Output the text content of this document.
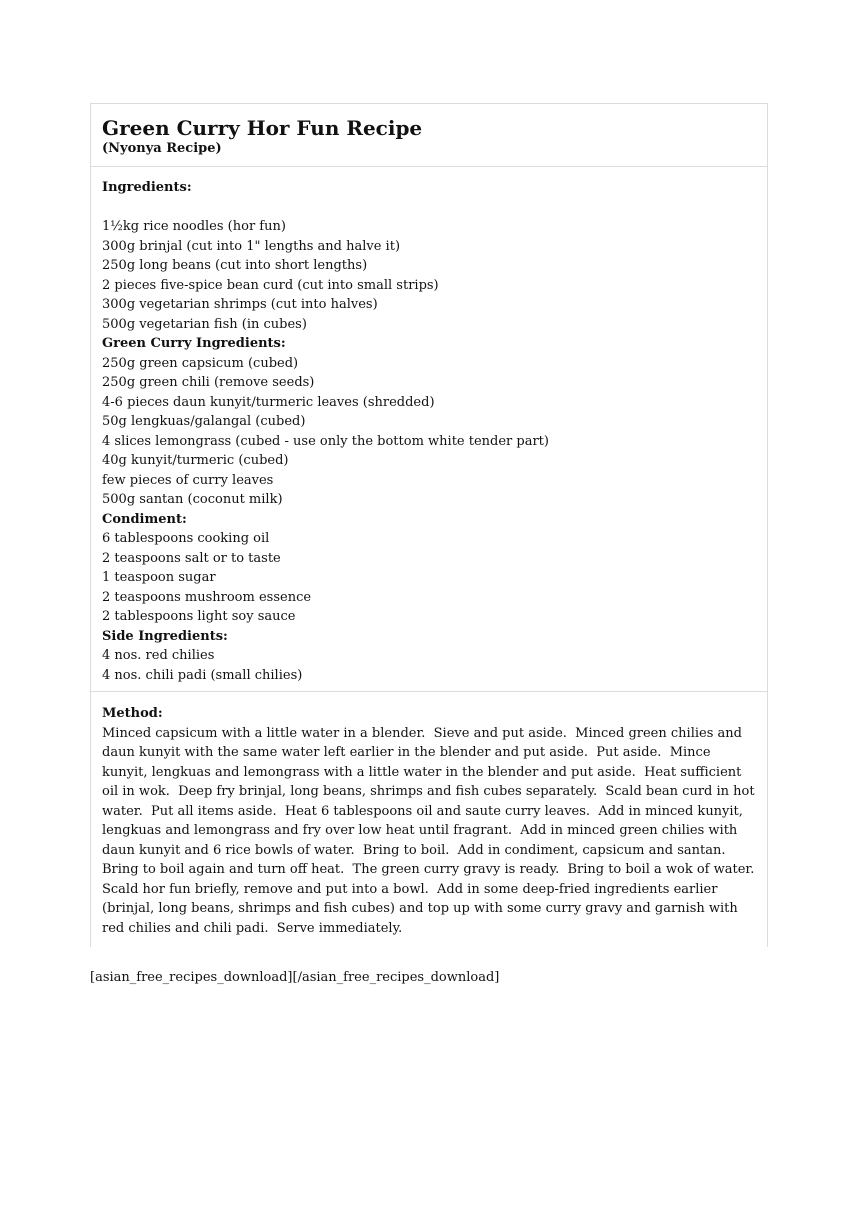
Green Curry Hor Fun Recipe
(Nyonya Recipe)
Ingredients:
1½kg rice noodles (hor fun)
300g brinjal (cut into 1" lengths and halve it)
250g long beans (cut into short lengths)
2 pieces five-spice bean curd (cut into small strips)
300g vegetarian shrimps (cut into halves)
500g vegetarian fish (in cubes)
Green Curry Ingredients:
250g green capsicum (cubed)
250g green chili (remove seeds)
4-6 pieces daun kunyit/turmeric leaves (shredded)
50g lengkuas/galangal (cubed)
4 slices lemongrass (cubed - use only the bottom white tender part)
40g kunyit/turmeric (cubed)
few pieces of curry leaves
500g santan (coconut milk)
Condiment:
6 tablespoons cooking oil
2 teaspoons salt or to taste
1 teaspoon sugar
2 teaspoons mushroom essence
2 tablespoons light soy sauce
Side Ingredients:
4 nos. red chilies
4 nos. chili padi (small chilies)
Method:

Minced capsicum with a little water in a blender.  Sieve and put aside.  Minced green chilies and daun kunyit with the same water left earlier in the blender and put aside.  Put aside.  Mince kunyit, lengkuas and lemongrass with a little water in the blender and put aside.  Heat sufficient oil in wok.  Deep fry brinjal, long beans, shrimps and fish cubes separately.  Scald bean curd in hot water.  Put all items aside.  Heat 6 tablespoons oil and saute curry leaves.  Add in minced kunyit, lengkuas and lemongrass and fry over low heat until fragrant.  Add in minced green chilies with daun kunyit and 6 rice bowls of water.  Bring to boil.  Add in condiment, capsicum and santan.  Bring to boil again and turn off heat.  The green curry gravy is ready.  Bring to boil a wok of water.  Scald hor fun briefly, remove and put into a bowl.  Add in some deep-fried ingredients earlier (brinjal, long beans, shrimps and fish cubes) and top up with some curry gravy and garnish with red chilies and chili padi.  Serve immediately.

[asian_free_recipes_download][/asian_free_recipes_download]
